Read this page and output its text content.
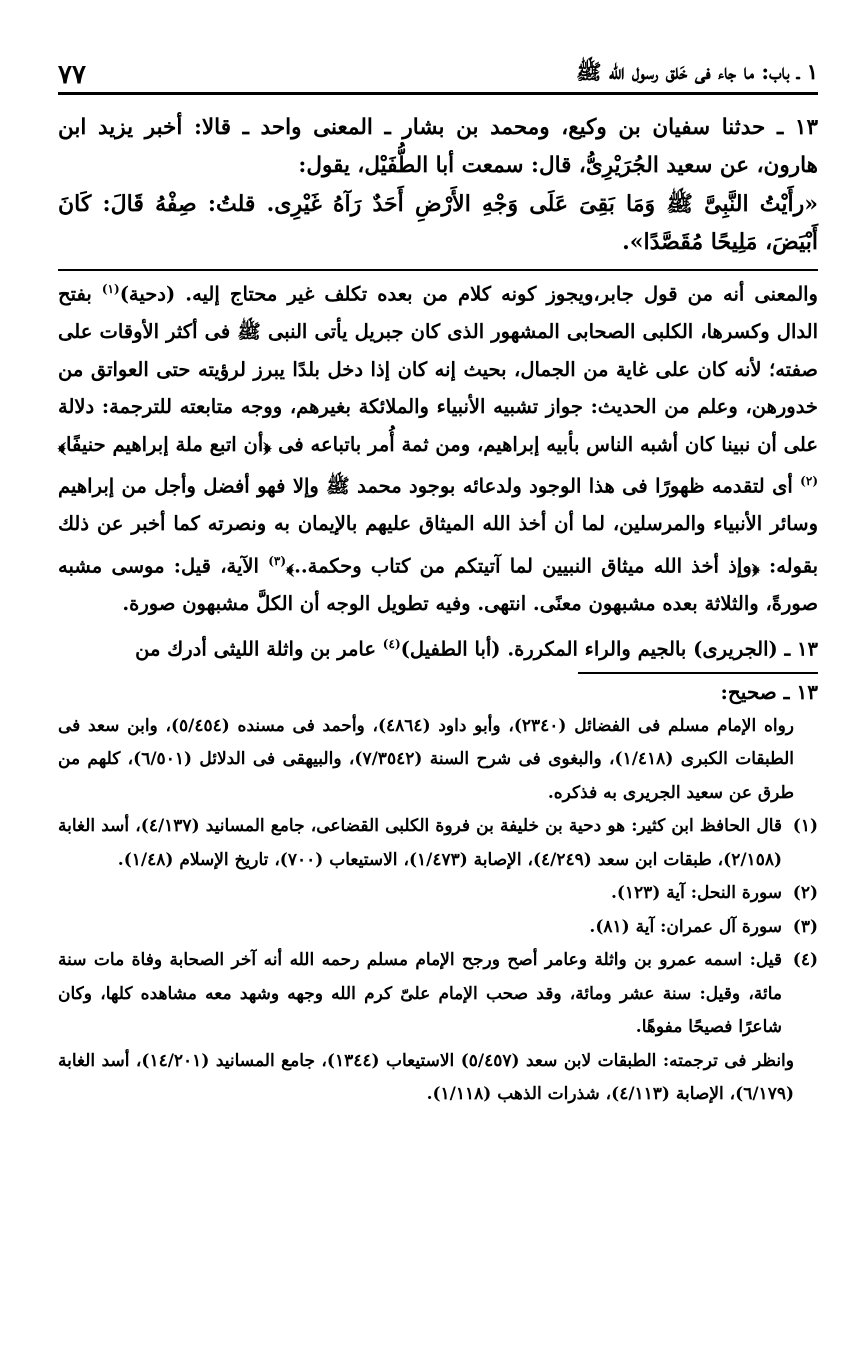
١ ـ باب: ما جاء فى خَلق رسول الله ﷺ
٧٧

١٣ ـ حدثنا سفيان بن وكيع، ومحمد بن بشار ـ المعنى واحد ـ قالا: أخبر يزيد ابن هارون، عن سعيد الجُرَيْرِىُّ، قال: سمعت أبا الطُّفَيْل، يقول:

«رأَيْتُ النَّبِىَّ ﷺ وَمَا بَقِىَ عَلَى وَجْهِ الأَرْضِ أَحَدٌ رَآهُ غَيْرِى. قلتُ: صِفْهُ قَالَ: كَانَ أَبْيَضَ، مَلِيحًا مُقَصَّدًا».

والمعنى أنه من قول جابر،ويجوز كونه كلام من بعده تكلف غير محتاج إليه. (دحية)$^{(١)}$ بفتح الدال وكسرها، الكلبى الصحابى المشهور الذى كان جبريل يأتى النبى ﷺ فى أكثر الأوقات على صفته؛ لأنه كان على غاية من الجمال، بحيث إنه كان إذا دخل بلدًا يبرز لرؤيته حتى العواتق من خدورهن، وعلم من الحديث: جواز تشبيه الأنبياء والملائكة بغيرهم، ووجه متابعته للترجمة: دلالة على أن نبينا كان أشبه الناس بأبيه إبراهيم، ومن ثمة أُمر باتباعه فى ﴿أن اتبع ملة إبراهيم حنيفًا﴾$^{(٢)}$ أى لتقدمه ظهورًا فى هذا الوجود ولدعائه بوجود محمد ﷺ وإلا فهو أفضل وأجل من إبراهيم وسائر الأنبياء والمرسلين، لما أن أخذ الله الميثاق عليهم بالإيمان به ونصرته كما أخبر عن ذلك بقوله: ﴿وإذ أخذ الله ميثاق النبيين لما آتيتكم من كتاب وحكمة..﴾$^{(٣)}$ الآية، قيل: موسى مشبه صورةً، والثلاثة بعده مشبهون معنًى. انتهى. وفيه تطويل الوجه أن الكلَّ مشبهون صورة.

١٣ ـ (الجريرى) بالجيم والراء المكررة. (أبا الطفيل)$^{(٤)}$ عامر بن واثلة الليثى أدرك من

١٣ ـ صحيح:

رواه الإمام مسلم فى الفضائل (٢٣٤٠)، وأبو داود (٤٨٦٤)، وأحمد فى مسنده (٥/٤٥٤)، وابن سعد فى الطبقات الكبرى (١/٤١٨)، والبغوى فى شرح السنة (٧/٣٥٤٢)، والبيهقى فى الدلائل (٦/٥٠١)، كلهم من طرق عن سعيد الجريرى به فذكره.

(١)
قال الحافظ ابن كثير: هو دحية بن خليفة بن فروة الكلبى القضاعى، جامع المسانيد (٤/١٣٧)، أسد الغابة (٢/١٥٨)، طبقات ابن سعد (٤/٢٤٩)، الإصابة (١/٤٧٣)، الاستيعاب (٧٠٠)، تاريخ الإسلام (١/٤٨).
(٢)
سورة النحل: آية (١٢٣).
(٣)
سورة آل عمران: آية (٨١).
(٤)
قيل: اسمه عمرو بن واثلة وعامر أصح ورجح الإمام مسلم رحمه الله أنه آخر الصحابة وفاة مات سنة مائة، وقيل: سنة عشر ومائة، وقد صحب الإمام علىّ كرم الله وجهه وشهد معه مشاهده كلها، وكان شاعرًا فصيحًا مفوهًا.

وانظر فى ترجمته: الطبقات لابن سعد (٥/٤٥٧) الاستيعاب (١٣٤٤)، جامع المسانيد (١٤/٢٠١)، أسد الغابة (٦/١٧٩)، الإصابة (٤/١١٣)، شذرات الذهب (١/١١٨).
